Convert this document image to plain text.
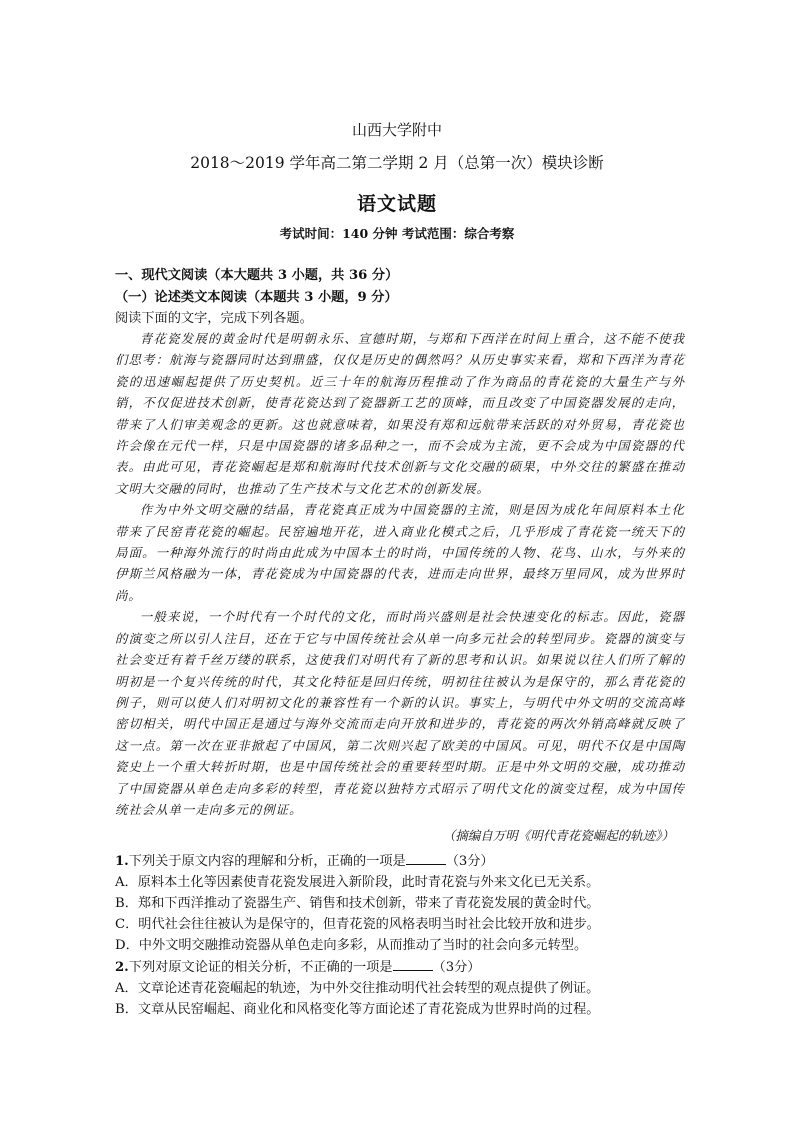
山西大学附中
2018～2019 学年高二第二学期 2 月（总第一次）模块诊断
语文试题
考试时间：140 分钟 考试范围：综合考察
一、现代文阅读（本大题共 3 小题，共 36 分）
（一）论述类文本阅读（本题共 3 小题，9 分）
阅读下面的文字，完成下列各题。

青花瓷发展的黄金时代是明朝永乐、宣德时期，与郑和下西洋在时间上重合，这不能不使我们思考：航海与瓷器同时达到鼎盛，仅仅是历史的偶然吗？从历史事实来看，郑和下西洋为青花瓷的迅速崛起提供了历史契机。近三十年的航海历程推动了作为商品的青花瓷的大量生产与外销，不仅促进技术创新，使青花瓷达到了瓷器新工艺的顶峰，而且改变了中国瓷器发展的走向，带来了人们审美观念的更新。这也就意味着，如果没有郑和远航带来活跃的对外贸易，青花瓷也许会像在元代一样，只是中国瓷器的诸多品种之一，而不会成为主流，更不会成为中国瓷器的代表。由此可见，青花瓷崛起是郑和航海时代技术创新与文化交融的硕果，中外交往的繁盛在推动文明大交融的同时，也推动了生产技术与文化艺术的创新发展。

作为中外文明交融的结晶，青花瓷真正成为中国瓷器的主流，则是因为成化年间原料本土化带来了民窑青花瓷的崛起。民窑遍地开花，进入商业化模式之后，几乎形成了青花瓷一统天下的局面。一种海外流行的时尚由此成为中国本土的时尚，中国传统的人物、花鸟、山水，与外来的伊斯兰风格融为一体，青花瓷成为中国瓷器的代表，进而走向世界，最终万里同风，成为世界时尚。

一般来说，一个时代有一个时代的文化，而时尚兴盛则是社会快速变化的标志。因此，瓷器的演变之所以引人注目，还在于它与中国传统社会从单一向多元社会的转型同步。瓷器的演变与社会变迁有着千丝万缕的联系，这使我们对明代有了新的思考和认识。如果说以往人们所了解的明初是一个复兴传统的时代，其文化特征是回归传统，明初往往被认为是保守的，那么青花瓷的例子，则可以使人们对明初文化的兼容性有一个新的认识。事实上，与明代中外文明的交流高峰密切相关，明代中国正是通过与海外交流而走向开放和进步的，青花瓷的两次外销高峰就反映了这一点。第一次在亚非掀起了中国风，第二次则兴起了欧美的中国风。可见，明代不仅是中国陶瓷史上一个重大转折时期，也是中国传统社会的重要转型时期。正是中外文明的交融，成功推动了中国瓷器从单色走向多彩的转型，青花瓷以独特方式昭示了明代文化的演变过程，成为中国传统社会从单一走向多元的例证。

（摘编自万明《明代青花瓷崛起的轨迹》）
1.下列关于原文内容的理解和分析，正确的一项是	（3分）
A．原料本土化等因素使青花瓷发展进入新阶段，此时青花瓷与外来文化已无关系。
B．郑和下西洋推动了瓷器生产、销售和技术创新，带来了青花瓷发展的黄金时代。
C．明代社会往往被认为是保守的，但青花瓷的风格表明当时社会比较开放和进步。
D．中外文明交融推动瓷器从单色走向多彩，从而推动了当时的社会向多元转型。
2.下列对原文论证的相关分析，不正确的一项是	（3分）
A．文章论述青花瓷崛起的轨迹，为中外交往推动明代社会转型的观点提供了例证。
B．文章从民窑崛起、商业化和风格变化等方面论述了青花瓷成为世界时尚的过程。
